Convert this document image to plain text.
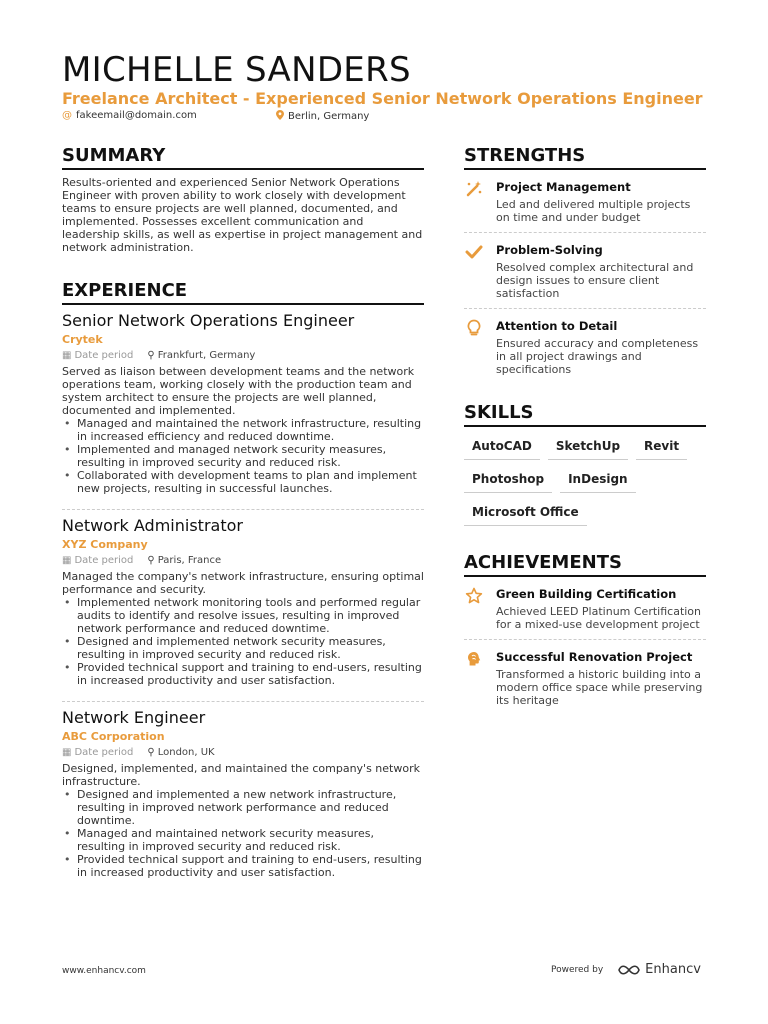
MICHELLE SANDERS
Freelance Architect - Experienced Senior Network Operations Engineer
@ fakeemail@domain.com	Berlin, Germany
SUMMARY

Results-oriented and experienced Senior Network Operations Engineer with proven ability to work closely with development teams to ensure projects are well planned, documented, and implemented. Possesses excellent communication and leadership skills, as well as expertise in project management and network administration.

EXPERIENCE
Senior Network Operations Engineer
Crytek
▦ Date period ⚲ Frankfurt, Germany

Served as liaison between development teams and the network operations team, working closely with the production team and system architect to ensure the projects are well planned, documented and implemented.

• Managed and maintained the network infrastructure, resulting in increased efficiency and reduced downtime.
• Implemented and managed network security measures, resulting in improved security and reduced risk.
• Collaborated with development teams to plan and implement new projects, resulting in successful launches.
Network Administrator
XYZ Company
▦ Date period ⚲ Paris, France

Managed the company's network infrastructure, ensuring optimal performance and security.

• Implemented network monitoring tools and performed regular audits to identify and resolve issues, resulting in improved network performance and reduced downtime.
• Designed and implemented network security measures, resulting in improved security and reduced risk.
• Provided technical support and training to end-users, resulting in increased productivity and user satisfaction.
Network Engineer
ABC Corporation
▦ Date period ⚲ London, UK

Designed, implemented, and maintained the company's network infrastructure.

• Designed and implemented a new network infrastructure, resulting in improved network performance and reduced downtime.
• Managed and maintained network security measures, resulting in improved security and reduced risk.
• Provided technical support and training to end-users, resulting in increased productivity and user satisfaction.
STRENGTHS
Project Management
Led and delivered multiple projects on time and under budget
Problem-Solving
Resolved complex architectural and design issues to ensure client satisfaction
Attention to Detail
Ensured accuracy and completeness in all project drawings and specifications
SKILLS
AutoCAD	SketchUp	Revit
Photoshop	InDesign
Microsoft Office
ACHIEVEMENTS
Green Building Certification
Achieved LEED Platinum Certification for a mixed-use development project
Successful Renovation Project
Transformed a historic building into a modern office space while preserving its heritage
www.enhancv.com	Powered by	Enhancv
